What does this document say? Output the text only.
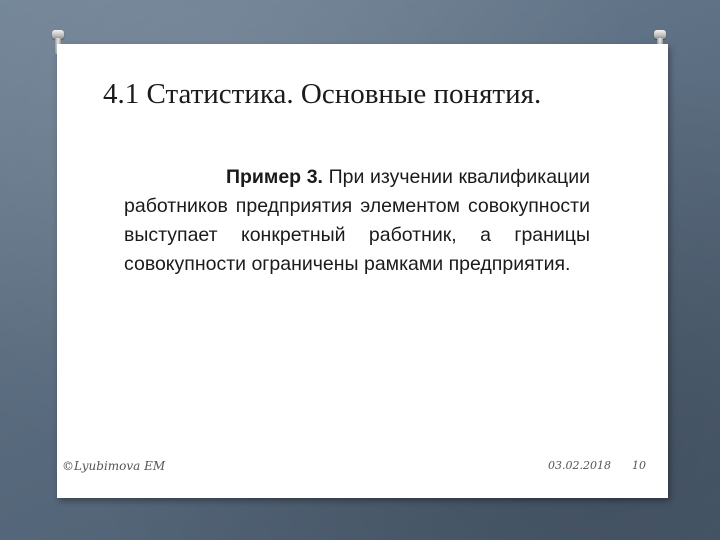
4.1 Статистика. Основные понятия.

Пример 3. При изучении квалификации работников предприятия элементом совокупности выступает конкретный работник, а границы совокупности ограничены рамками предприятия.

©Lyubimova EM	03.02.2018 10
